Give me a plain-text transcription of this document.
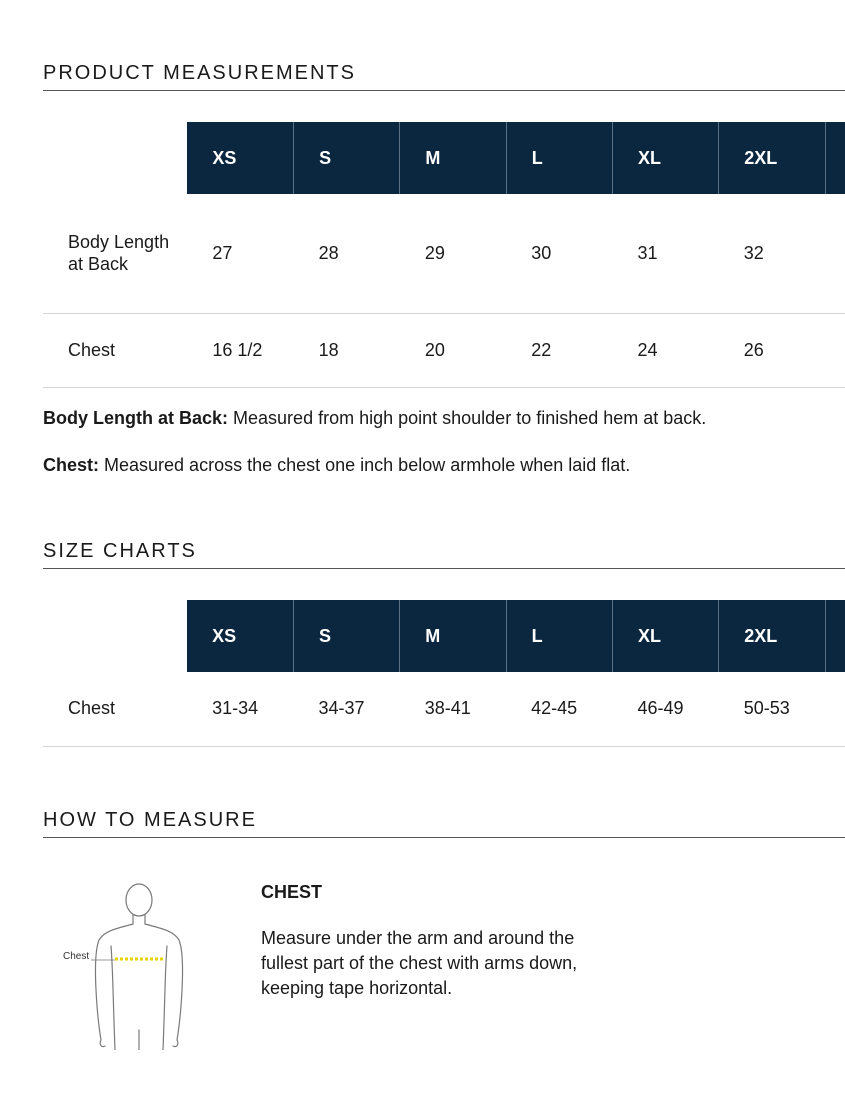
PRODUCT MEASUREMENTS
	XS	S	M	L	XL	2XL	
Body Length at Back	27	28	29	30	31	32	
Chest	16 1/2	18	20	22	24	26	
Body Length at Back: Measured from high point shoulder to finished hem at back.
Chest: Measured across the chest one inch below armhole when laid flat.
SIZE CHARTS
	XS	S	M	L	XL	2XL	
Chest	31-34	34-37	38-41	42-45	46-49	50-53	
HOW TO MEASURE
Chest
CHEST
Measure under the arm and around the fullest part of the chest with arms down, keeping tape horizontal.
